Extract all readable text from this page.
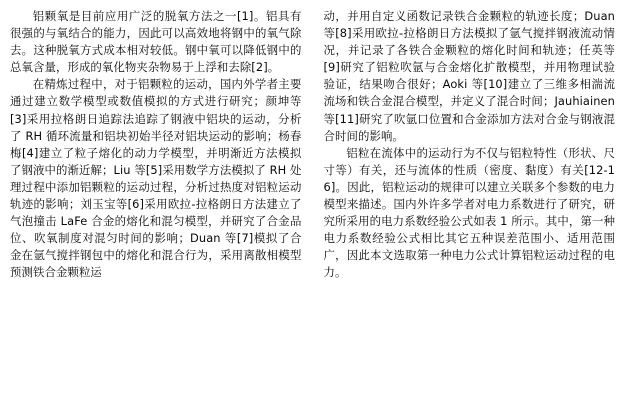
铝颗氧是目前应用广泛的脱氧方法之一[1]。铝具有很强的与氧结合的能力，因此可以高效地将钢中的氧气除去。这种脱氧方式成本相对较低。钢中氧可以降低钢中的总氧含量，形成的氧化物夹杂物易于上浮和去除[2]。

在精炼过程中，对于铝颗粒的运动，国内外学者主要通过建立数学模型或数值模拟的方式进行研究；颜坤等[3]采用拉格朗日追踪法追踪了钢液中铝块的运动，分析了 RH 循环流量和铝块初始半径对铝块运动的影响；杨春梅[4]建立了粒子熔化的动力学模型，并明渐近方法模拟了钢液中的渐近解；Liu 等[5]采用数学方法模拟了 RH 处理过程中添加铝颗粒的运动过程，分析过热度对铝粒运动轨迹的影响；刘玉宝等[6]采用欧拉-拉格朗日方法建立了气泡撞击 LaFe 合金的熔化和混匀模型，并研究了合金品位、吹氧制度对混匀时间的影响；Duan 等[7]模拟了合金在氩气搅拌钢包中的熔化和混合行为，采用离散相模型预测铁合金颗粒运

动，并用自定义函数记录铁合金颗粒的轨迹长度；Duan 等[8]采用欧拉-拉格朗日方法模拟了氩气搅拌钢液流动情况，并记录了各铁合金颗粒的熔化时间和轨迹；任英等[9]研究了铝粒吹氩与合金熔化扩散模型，并用物理试验验证，结果吻合很好；Aoki 等[10]建立了三维多相湍流流场和铁合金混合模型，并定义了混合时间；Jauhiainen 等[11]研究了吹氩口位置和合金添加方法对合金与钢液混合时间的影响。

铝粒在流体中的运动行为不仅与铝粒特性（形状、尺寸等）有关，还与流体的性质（密度、黏度）有关[12-16]。因此，铝粒运动的规律可以建立关联多个参数的电力模型来描述。国内外许多学者对电力系数进行了研究，研究所采用的电力系数经验公式如表 1 所示。其中，第一种电力系数经验公式相比其它五种误差范围小、适用范围广，因此本文选取第一种电力公式计算铝粒运动过程的电力。
